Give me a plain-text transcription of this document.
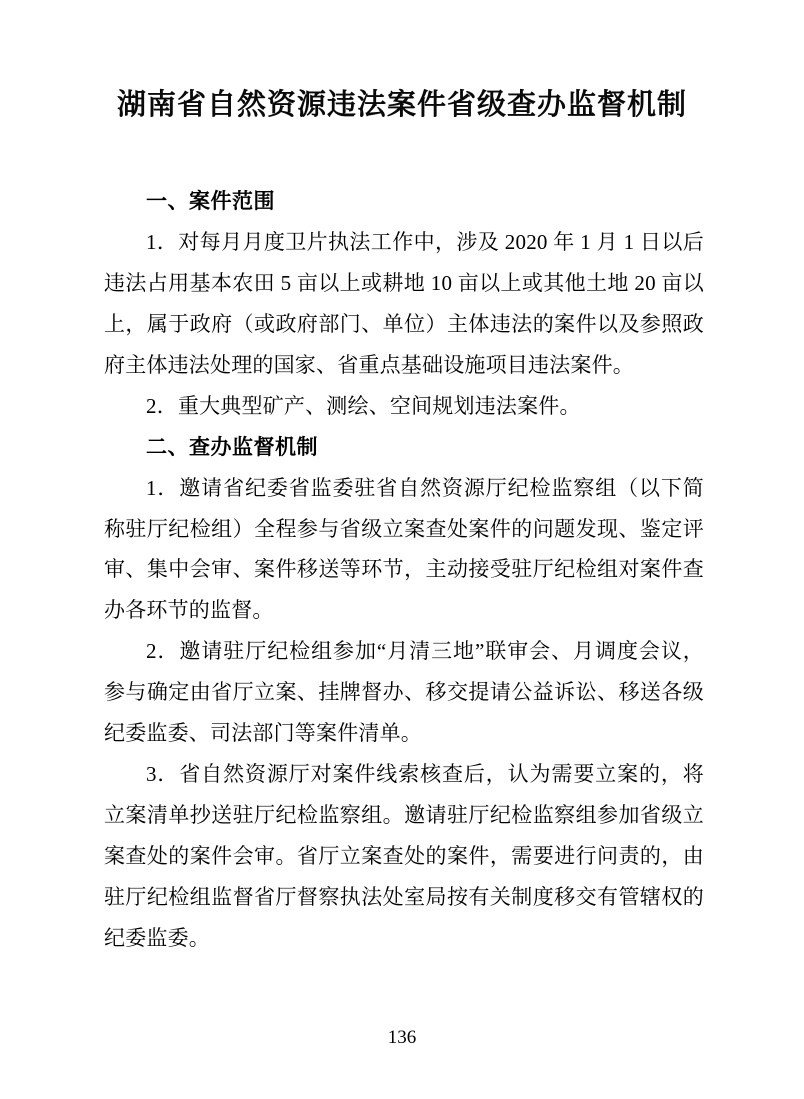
湖南省自然资源违法案件省级查办监督机制

一、案件范围

1．对每月月度卫片执法工作中，涉及 2020 年 1 月 1 日以后违法占用基本农田 5 亩以上或耕地 10 亩以上或其他土地 20 亩以上，属于政府（或政府部门、单位）主体违法的案件以及参照政府主体违法处理的国家、省重点基础设施项目违法案件。

2．重大典型矿产、测绘、空间规划违法案件。

二、查办监督机制

1．邀请省纪委省监委驻省自然资源厅纪检监察组（以下简称驻厅纪检组）全程参与省级立案查处案件的问题发现、鉴定评审、集中会审、案件移送等环节，主动接受驻厅纪检组对案件查办各环节的监督。

2．邀请驻厅纪检组参加“月清三地”联审会、月调度会议，参与确定由省厅立案、挂牌督办、移交提请公益诉讼、移送各级纪委监委、司法部门等案件清单。

3．省自然资源厅对案件线索核查后，认为需要立案的，将立案清单抄送驻厅纪检监察组。邀请驻厅纪检监察组参加省级立案查处的案件会审。省厅立案查处的案件，需要进行问责的，由驻厅纪检组监督省厅督察执法处室局按有关制度移交有管辖权的纪委监委。

136
